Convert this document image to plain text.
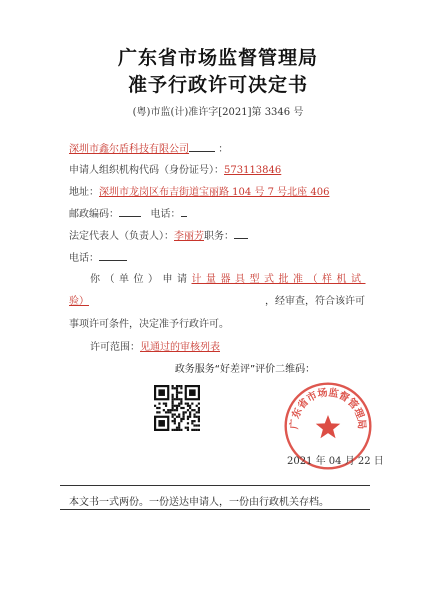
广东省市场监督管理局
准予行政许可决定书
(粤)市监(计)准许字[2021]第 3346 号
深圳市鑫尔盾科技有限公司	：
申请人组织机构代码（身份证号）：573113846
地址：深圳市龙岗区布吉街道宝丽路 104 号 7 号北座 406
邮政编码：	电话：
法定代表人（负责人）：李丽芳职务：
电话：
你（单位）申请计量器具型式批准（样机试
验）	，经审查，符合该许可
事项许可条件，决定准予行政许可。
许可范围：见通过的审核列表
政务服务“好差评”评价二维码：
广东省市场监督管理局
2021 年 04 月 22 日
本文书一式两份。一份送达申请人，一份由行政机关存档。
